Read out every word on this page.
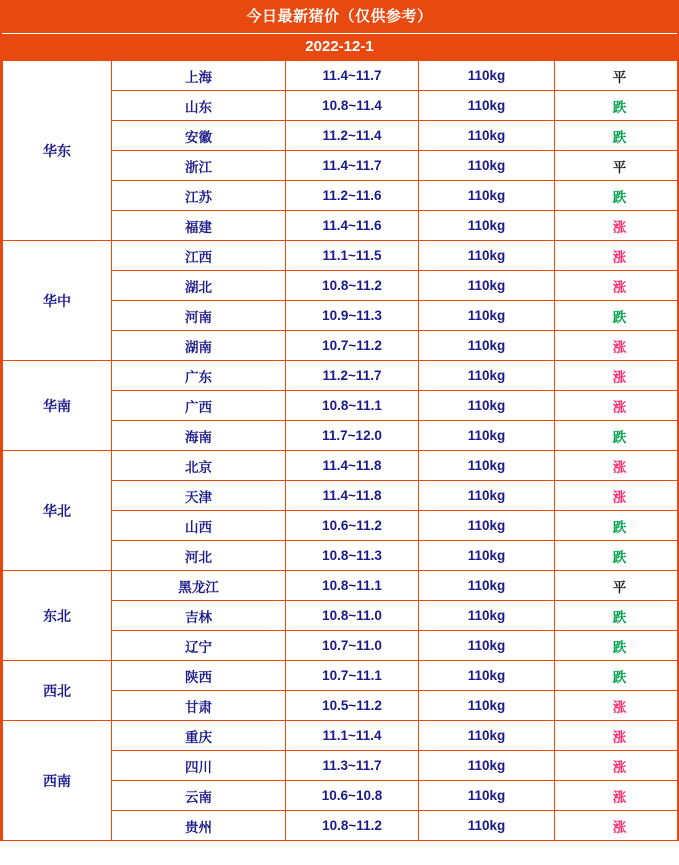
今日最新猪价（仅供参考）
2022-12-1
华东	上海	11.4~11.7	110kg	平
	山东	10.8~11.4	110kg	跌
	安徽	11.2~11.4	110kg	跌
	浙江	11.4~11.7	110kg	平
	江苏	11.2~11.6	110kg	跌
	福建	11.4~11.6	110kg	涨
华中	江西	11.1~11.5	110kg	涨
	湖北	10.8~11.2	110kg	涨
	河南	10.9~11.3	110kg	跌
	湖南	10.7~11.2	110kg	涨
华南	广东	11.2~11.7	110kg	涨
	广西	10.8~11.1	110kg	涨
	海南	11.7~12.0	110kg	跌
华北	北京	11.4~11.8	110kg	涨
	天津	11.4~11.8	110kg	涨
	山西	10.6~11.2	110kg	跌
	河北	10.8~11.3	110kg	跌
东北	黑龙江	10.8~11.1	110kg	平
	吉林	10.8~11.0	110kg	跌
	辽宁	10.7~11.0	110kg	跌
西北	陕西	10.7~11.1	110kg	跌
	甘肃	10.5~11.2	110kg	涨
西南	重庆	11.1~11.4	110kg	涨
	四川	11.3~11.7	110kg	涨
	云南	10.6~10.8	110kg	涨
	贵州	10.8~11.2	110kg	涨
